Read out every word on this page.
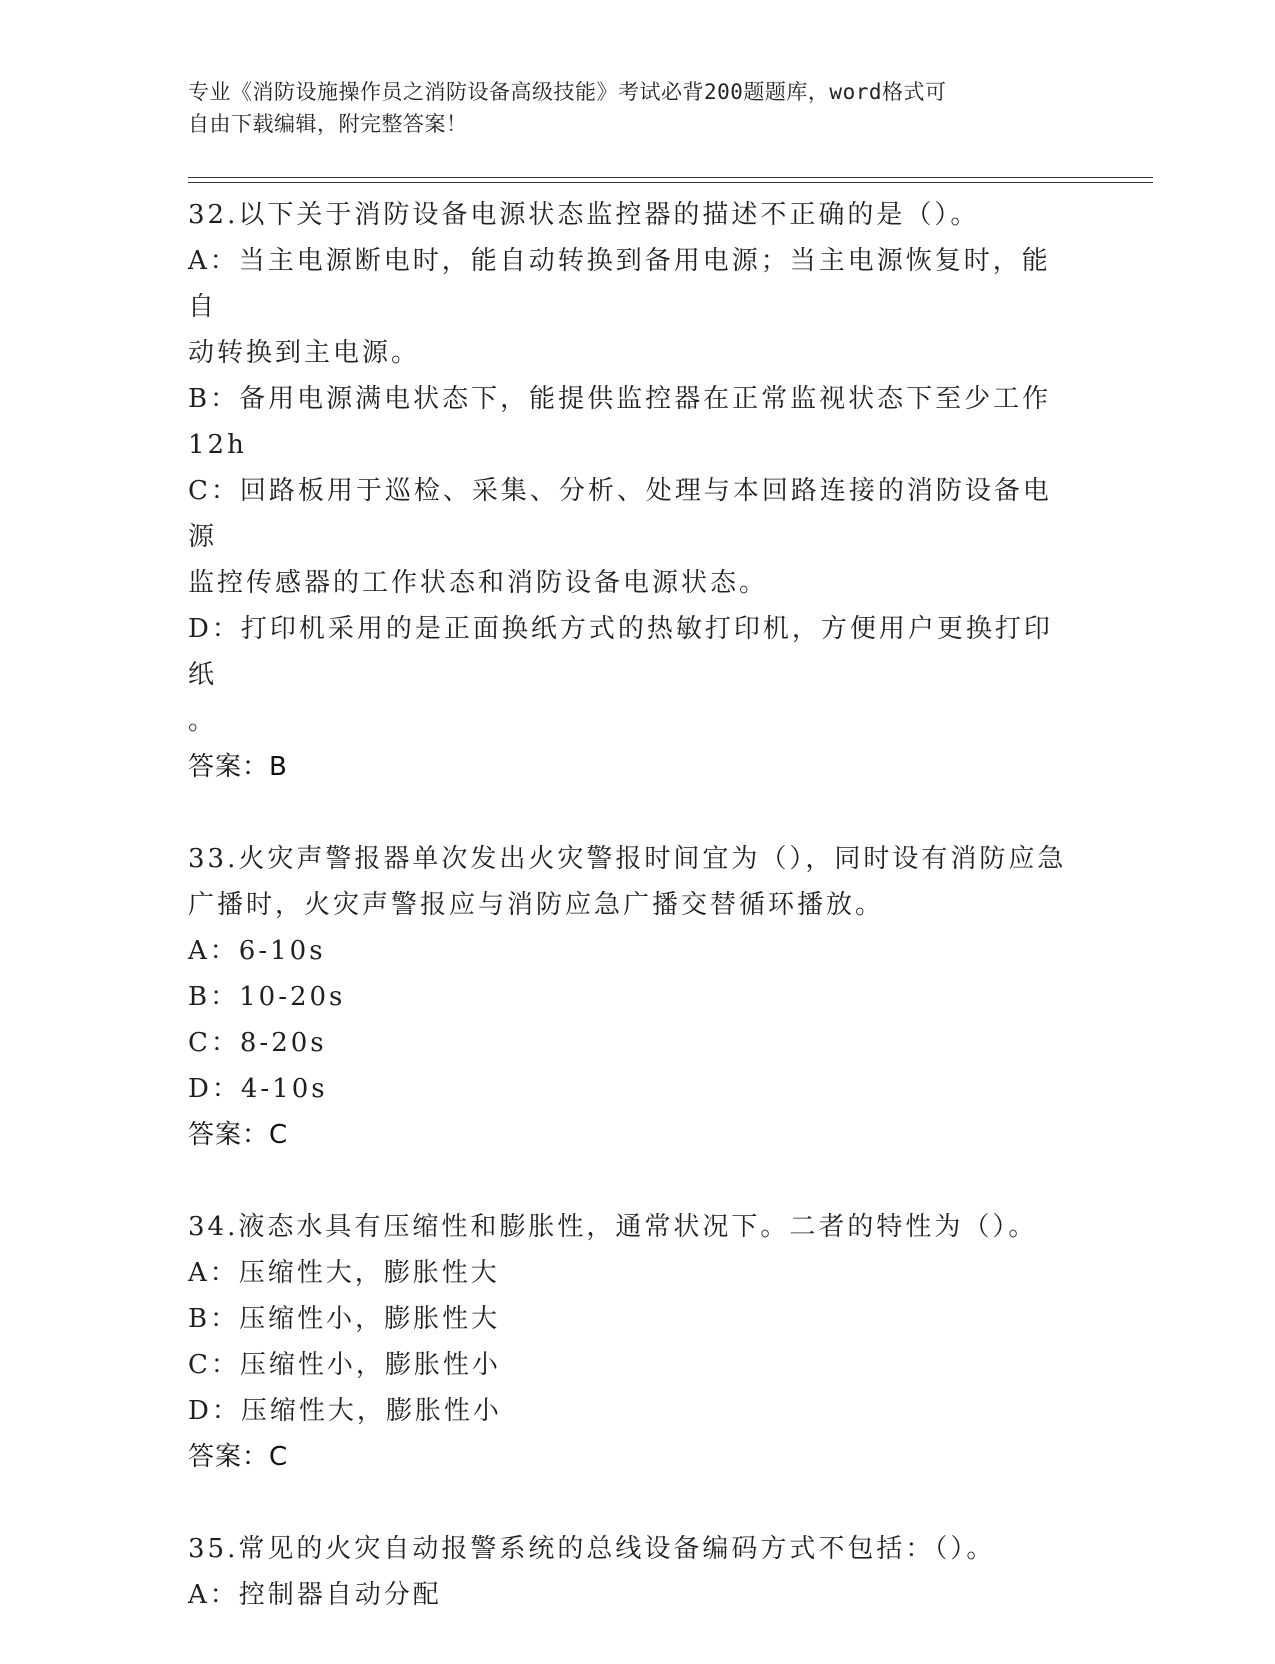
专业《消防设施操作员之消防设备高级技能》考试必背200题题库，word格式可
自由下载编辑，附完整答案！
32.以下关于消防设备电源状态监控器的描述不正确的是（）。
A：当主电源断电时，能自动转换到备用电源；当主电源恢复时，能自
动转换到主电源。
B：备用电源满电状态下，能提供监控器在正常监视状态下至少工作
12h
C：回路板用于巡检、采集、分析、处理与本回路连接的消防设备电源
监控传感器的工作状态和消防设备电源状态。
D：打印机采用的是正面换纸方式的热敏打印机，方便用户更换打印纸
。
答案：B
33.火灾声警报器单次发出火灾警报时间宜为（），同时设有消防应急
广播时，火灾声警报应与消防应急广播交替循环播放。
A：6-10s
B：10-20s
C：8-20s
D：4-10s
答案：C
34.液态水具有压缩性和膨胀性，通常状况下。二者的特性为（）。
A：压缩性大，膨胀性大
B：压缩性小，膨胀性大
C：压缩性小，膨胀性小
D：压缩性大，膨胀性小
答案：C
35.常见的火灾自动报警系统的总线设备编码方式不包括：（）。
A：控制器自动分配
